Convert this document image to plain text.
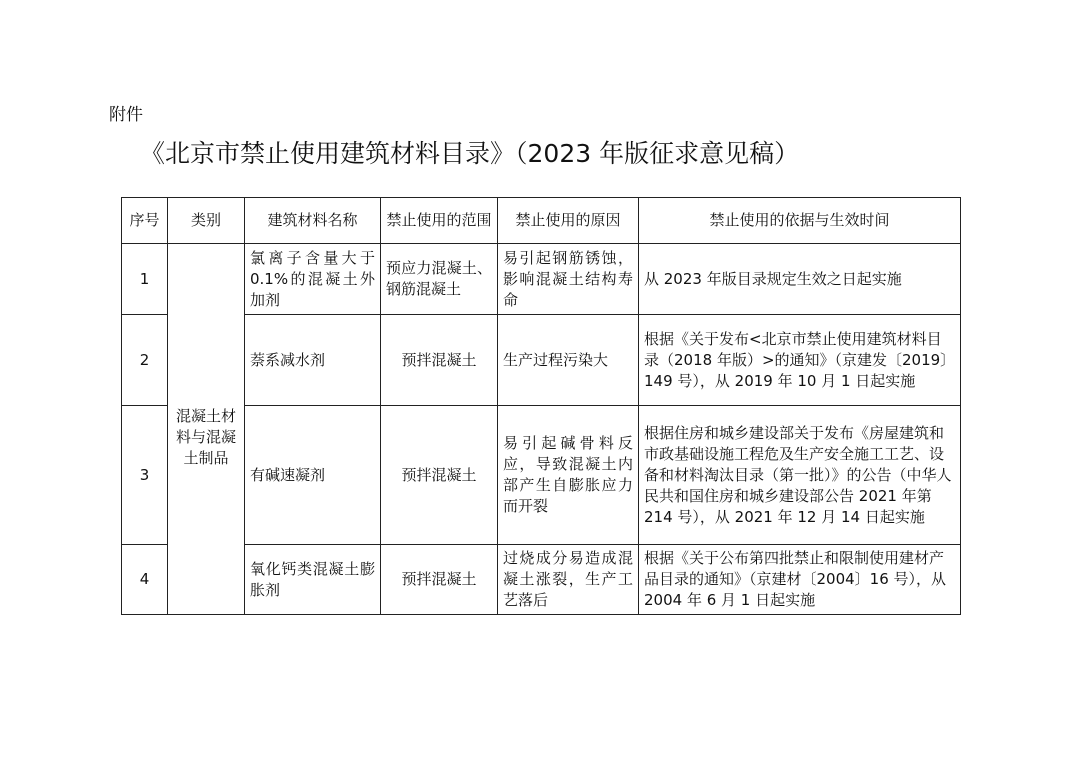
附件
《北京市禁止使用建筑材料目录》（2023 年版征求意见稿）
序号	类别	建筑材料名称	禁止使用的范围	禁止使用的原因	禁止使用的依据与生效时间
1	混凝土材料与混凝土制品	氯离子含量大于 0.1%的混凝土外加剂	预应力混凝土、钢筋混凝土	易引起钢筋锈蚀，影响混凝土结构寿命	从 2023 年版目录规定生效之日起实施
2		萘系减水剂	预拌混凝土	生产过程污染大	根据《关于发布<北京市禁止使用建筑材料目录（2018 年版）>的通知》（京建发〔2019〕149 号），从 2019 年 10 月 1 日起实施
3		有碱速凝剂	预拌混凝土	易引起碱骨料反应，导致混凝土内部产生自膨胀应力而开裂	根据住房和城乡建设部关于发布《房屋建筑和市政基础设施工程危及生产安全施工工艺、设备和材料淘汰目录（第一批）》的公告（中华人民共和国住房和城乡建设部公告 2021 年第 214 号），从 2021 年 12 月 14 日起实施
4		氧化钙类混凝土膨胀剂	预拌混凝土	过烧成分易造成混凝土涨裂，生产工艺落后	根据《关于公布第四批禁止和限制使用建材产品目录的通知》（京建材〔2004〕16 号），从 2004 年 6 月 1 日起实施
